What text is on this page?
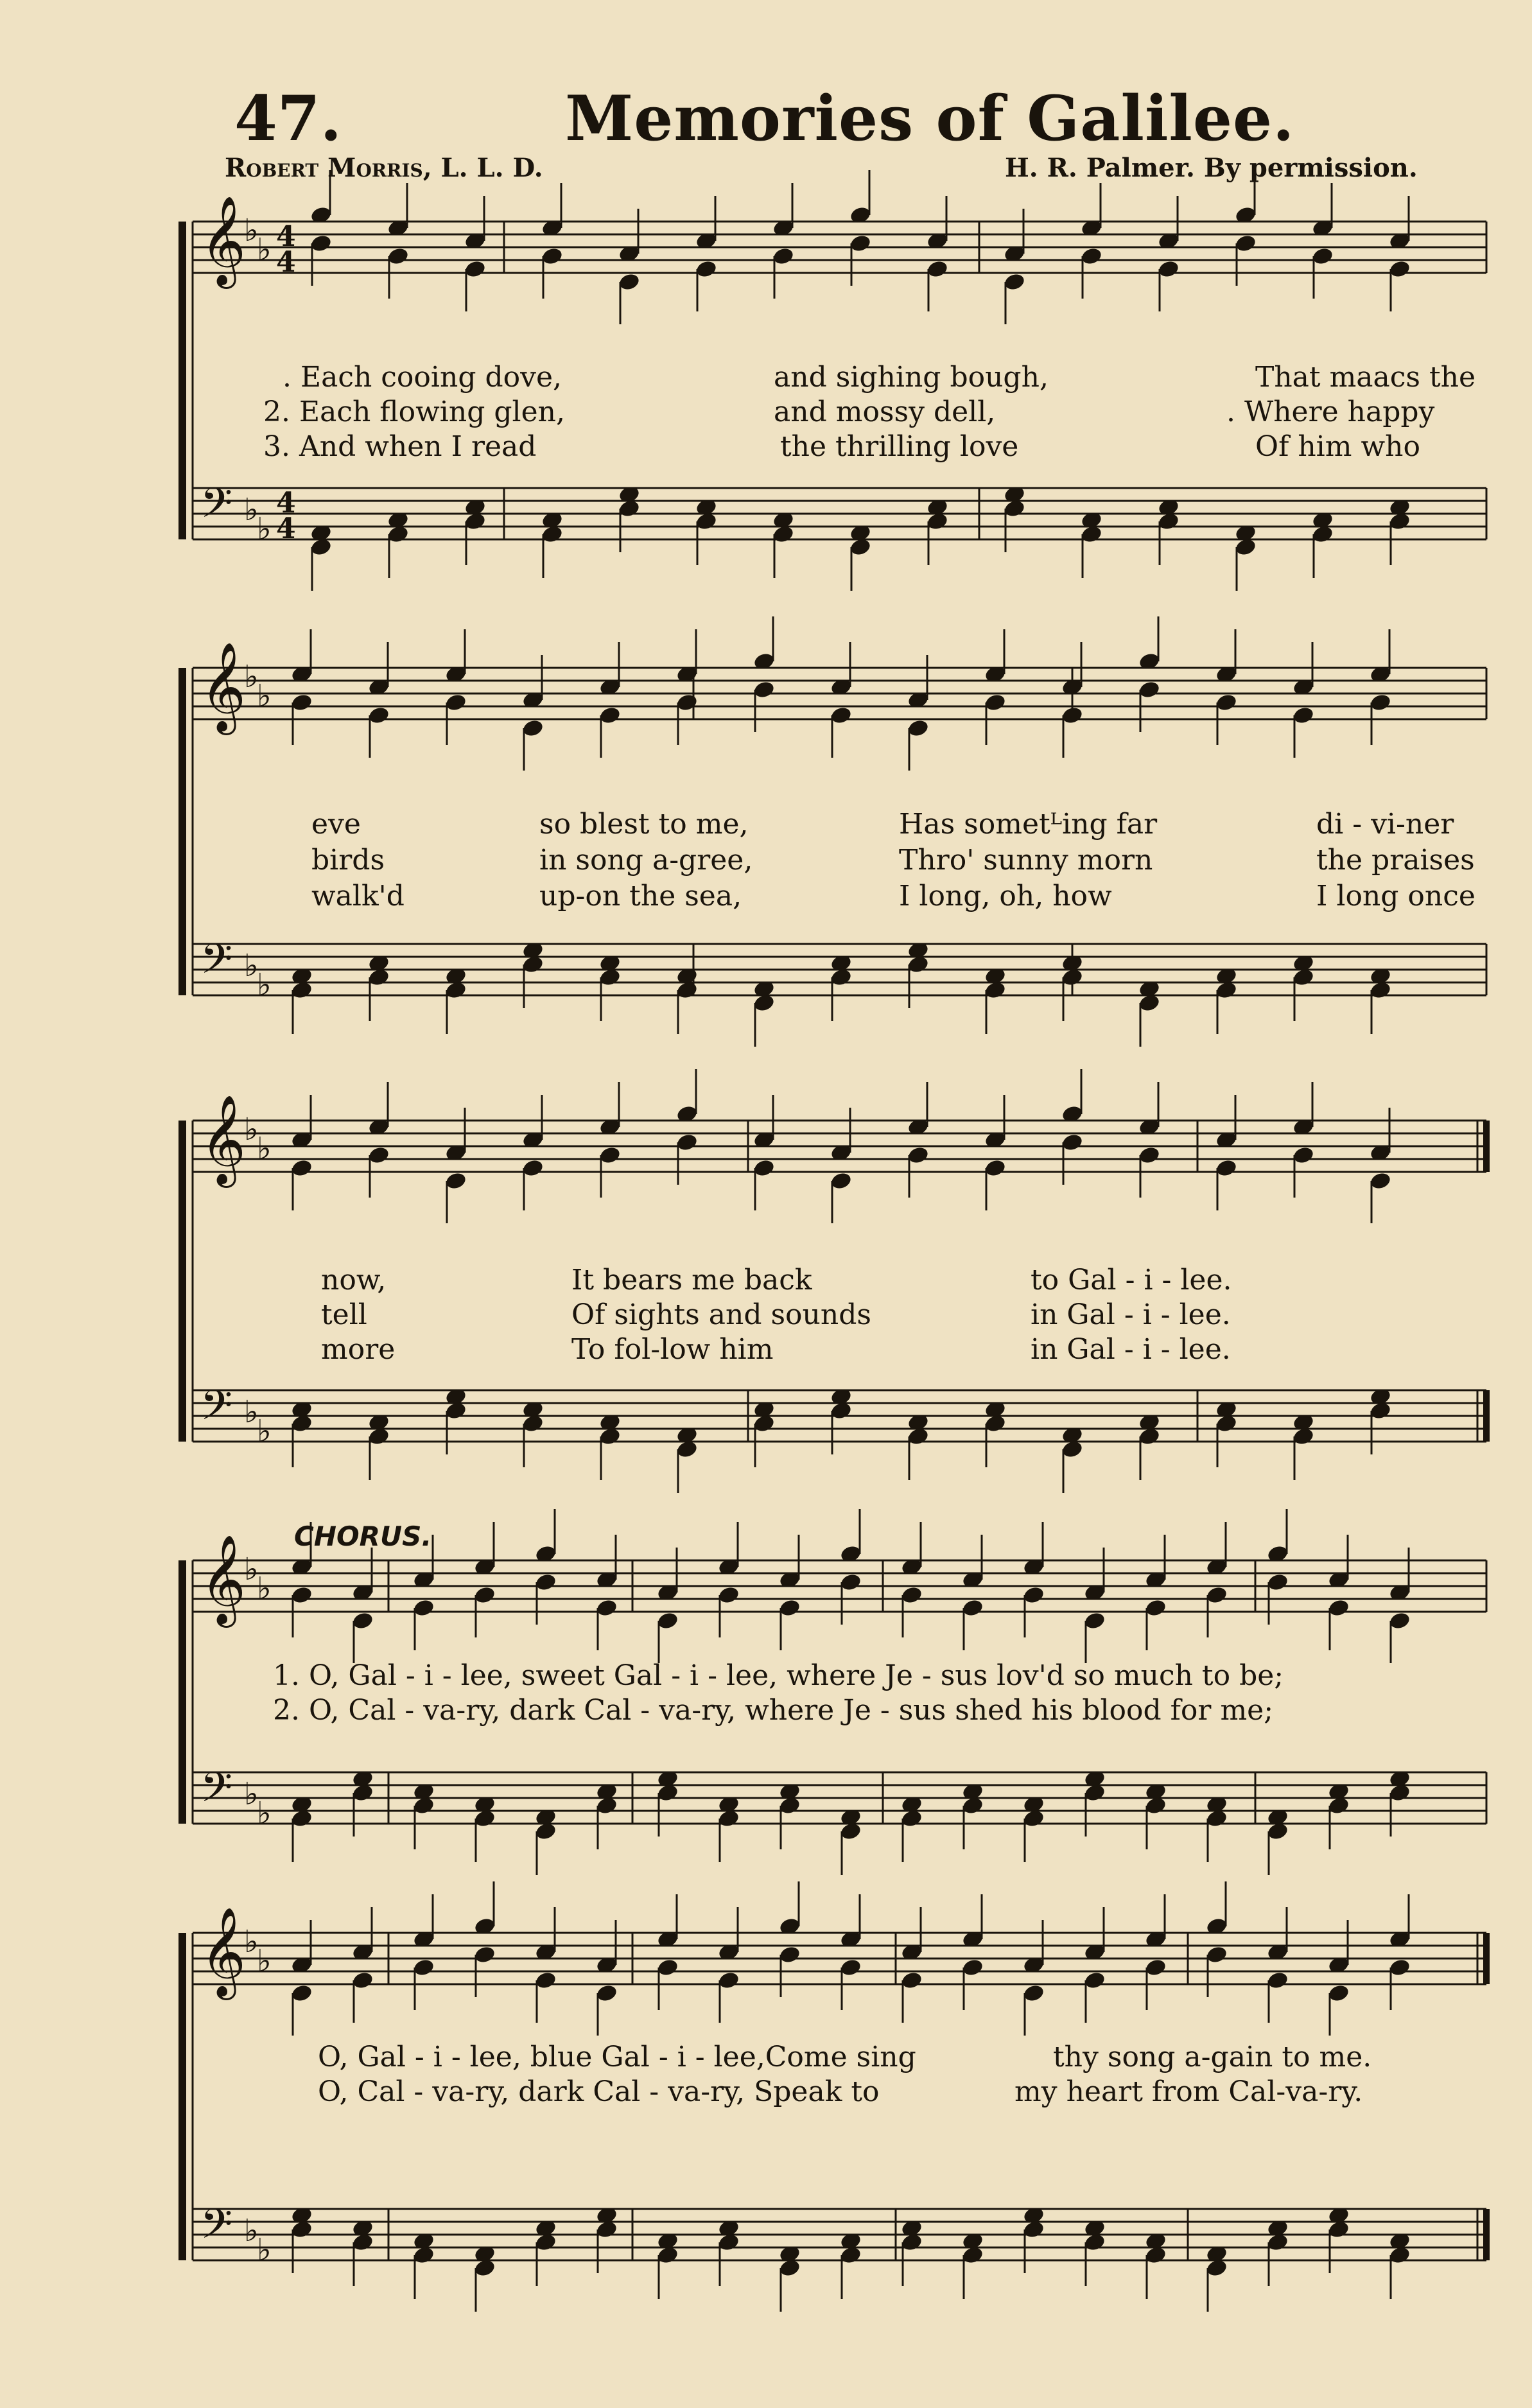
47.	Memories of Galilee.
Robert Morris, L. L. D.	H. R. Palmer. By permission.
𝄞
𝄢
♭
♭
♭
♭
4
4
4
4
𝄞
𝄢
♭
♭
♭
♭
𝄞
𝄢
♭
♭
♭
♭
𝄞
𝄢
♭
♭
♭
♭
𝄞
𝄢
♭
♭
♭
♭
. Each cooing dove,	and sighing bough,	That maacs the
2. Each flowing glen,	and mossy dell,	. Where happy
3. And when I read	the thrilling love	Of him who
eve	so blest to me,	Has sometᴸing far	di - vi-ner
birds	in song a-gree,	Thro' sunny morn	the praises
walk'd	up-on the sea,	I long, oh, how	I long once
now,	It bears me back	to Gal - i - lee.
tell	Of sights and sounds	in Gal - i - lee.
more	To fol-low him	in Gal - i - lee.
CHORUS.
1. O, Gal - i - lee, sweet Gal - i - lee, where Je - sus lov'd so much to be;
2. O, Cal - va-ry, dark Cal - va-ry, where Je - sus shed his blood for me;
O, Gal - i - lee, blue Gal - i - lee,Come sing	thy song a-gain to me.
O, Cal - va-ry, dark Cal - va-ry, Speak to	my heart from Cal-va-ry.
